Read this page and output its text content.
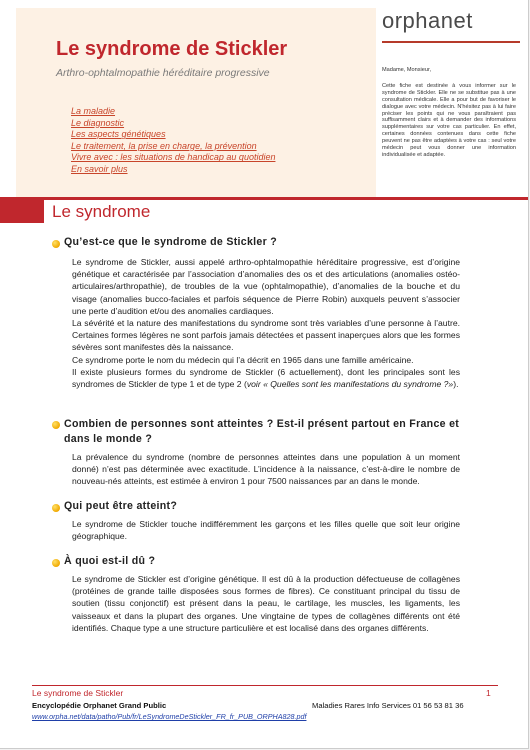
Le syndrome de Stickler
Arthro-ophtalmopathie héréditaire progressive
La maladie
Le diagnostic
Les aspects génétiques
Le traitement, la prise en charge, la prévention
Vivre avec : les situations de handicap au quotidien
En savoir plus
orphanet
Madame, Monsieur,
Cette fiche est destinée à vous informer sur le syndrome de Stickler. Elle ne se substitue pas à une consultation médicale. Elle a pour but de favoriser le dialogue avec votre médecin. N'hésitez pas à lui faire préciser les points qui ne vous paraîtraient pas suffisamment clairs et à demander des informations supplémentaires sur votre cas particulier. En effet, certaines données contenues dans cette fiche peuvent ne pas être adaptées à votre cas : seul votre médecin peut vous donner une information individualisée et adaptée.
Le syndrome
Qu’est-ce que le syndrome de Stickler ?

Le syndrome de Stickler, aussi appelé arthro-ophtalmopathie héréditaire progressive, est d’origine génétique et caractérisée par l’association d’anomalies des os et des articulations (anomalies ostéo-articulaires/arthropathie), de troubles de la vue (ophtalmopathie), d’anomalies de la bouche et du visage (anomalies bucco-faciales et parfois séquence de Pierre Robin) auxquels peuvent s’associer une perte d’audition et/ou des anomalies cardiaques.

La sévérité et la nature des manifestations du syndrome sont très variables d’une personne à l’autre. Certaines formes légères ne sont parfois jamais détectées et passent inaperçues alors que les formes sévères sont manifestes dès la naissance.

Ce syndrome porte le nom du médecin qui l’a décrit en 1965 dans une famille américaine.

Il existe plusieurs formes du syndrome de Stickler (6 actuellement), dont les principales sont les syndromes de Stickler de type 1 et de type 2 (voir « Quelles sont les manifestations du syndrome ?»).

Combien de personnes sont atteintes ? Est-il présent partout en France et dans le monde ?

La prévalence du syndrome (nombre de personnes atteintes dans une population à un moment donné) n’est pas déterminée avec exactitude. L’incidence à la naissance, c’est-à-dire le nombre de nouveau-nés atteints, est estimée à environ 1 pour 7500 naissances par an dans le monde.

Qui peut être atteint?

Le syndrome de Stickler touche indifféremment les garçons et les filles quelle que soit leur origine géographique.

À quoi est-il dû ?

Le syndrome de Stickler est d’origine génétique. Il est dû à la production défectueuse de collagènes (protéines de grande taille disposées sous formes de fibres). Ce constituant principal du tissu de soutien (tissu conjonctif) est présent dans la peau, le cartilage, les muscles, les ligaments, les vaisseaux et dans la plupart des organes. Une vingtaine de types de collagènes différents ont été identifiés. Chaque type a une structure particulière et est localisé dans des organes différents.

Le syndrome de Stickler	1
Encyclopédie Orphanet Grand Public	Maladies Rares Info Services 01 56 53 81 36
www.orpha.net/data/patho/Pub/fr/LeSyndromeDeStickler_FR_fr_PUB_ORPHA828.pdf
